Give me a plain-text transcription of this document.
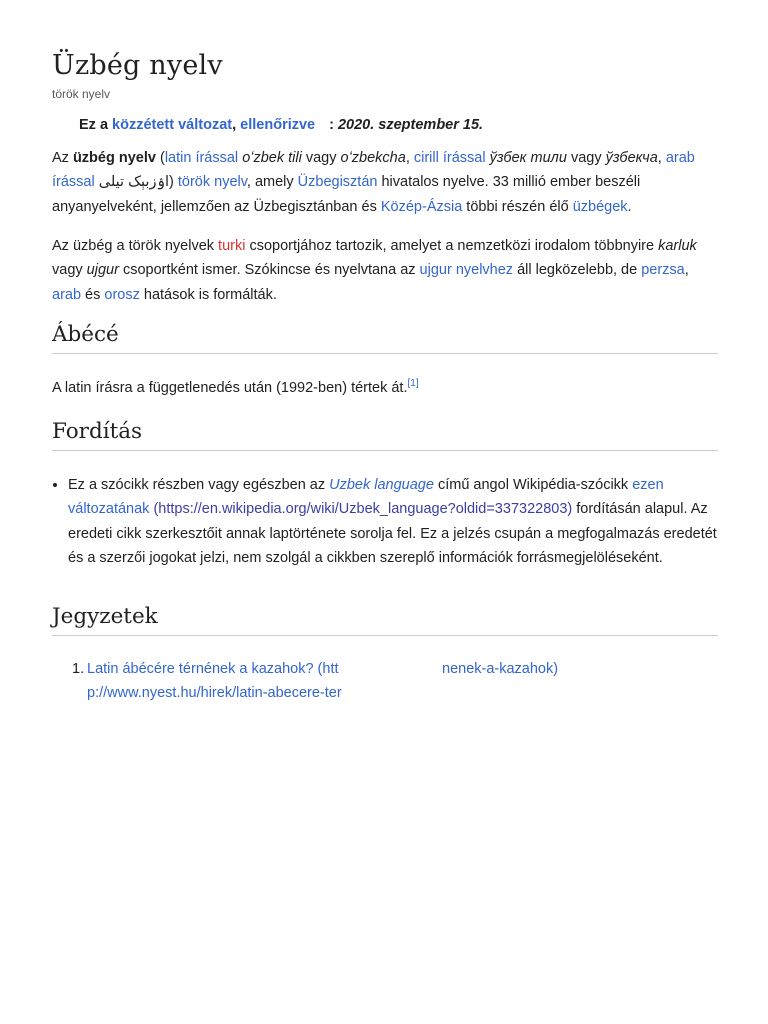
Üzbég nyelv
török nyelv
Ez a közzétett változat, ellenőrizve : 2020. szeptember 15.

Az üzbég nyelv (latin írással oʻzbek tili vagy oʻzbekcha, cirill írással ўзбек тили vagy ўзбекча, arab írással اۉزبېک تیلی) török nyelv, amely Üzbegisztán hivatalos nyelve. 33 millió ember beszéli anyanyelveként, jellemzően az Üzbegisztánban és Közép-Ázsia többi részén élő üzbégek.

Az üzbég a török nyelvek turki csoportjához tartozik, amelyet a nemzetközi irodalom többnyire karluk vagy ujgur csoportként ismer. Szókincse és nyelvtana az ujgur nyelvhez áll legközelebb, de perzsa, arab és orosz hatások is formálták.

Ábécé

A latin írásra a függetlenedés után (1992-ben) tértek át.[1]

Fordítás
• Ez a szócikk részben vagy egészben az Uzbek language című angol Wikipédia-szócikk ezen változatának (https://en.wikipedia.org/wiki/Uzbek_language?oldid=337322803) fordításán alapul. Az eredeti cikk szerkesztőit annak laptörténete sorolja fel. Ez a jelzés csupán a megfogalmazás eredetét és a szerzői jogokat jelzi, nem szolgál a cikkben szereplő információk forrásmegjelöléseként.
Jegyzetek
1. Latin ábécére térnének a kazahok? (htt
p://www.nyest.hu/hirek/latin-abecere-ter
nenek-a-kazahok)
